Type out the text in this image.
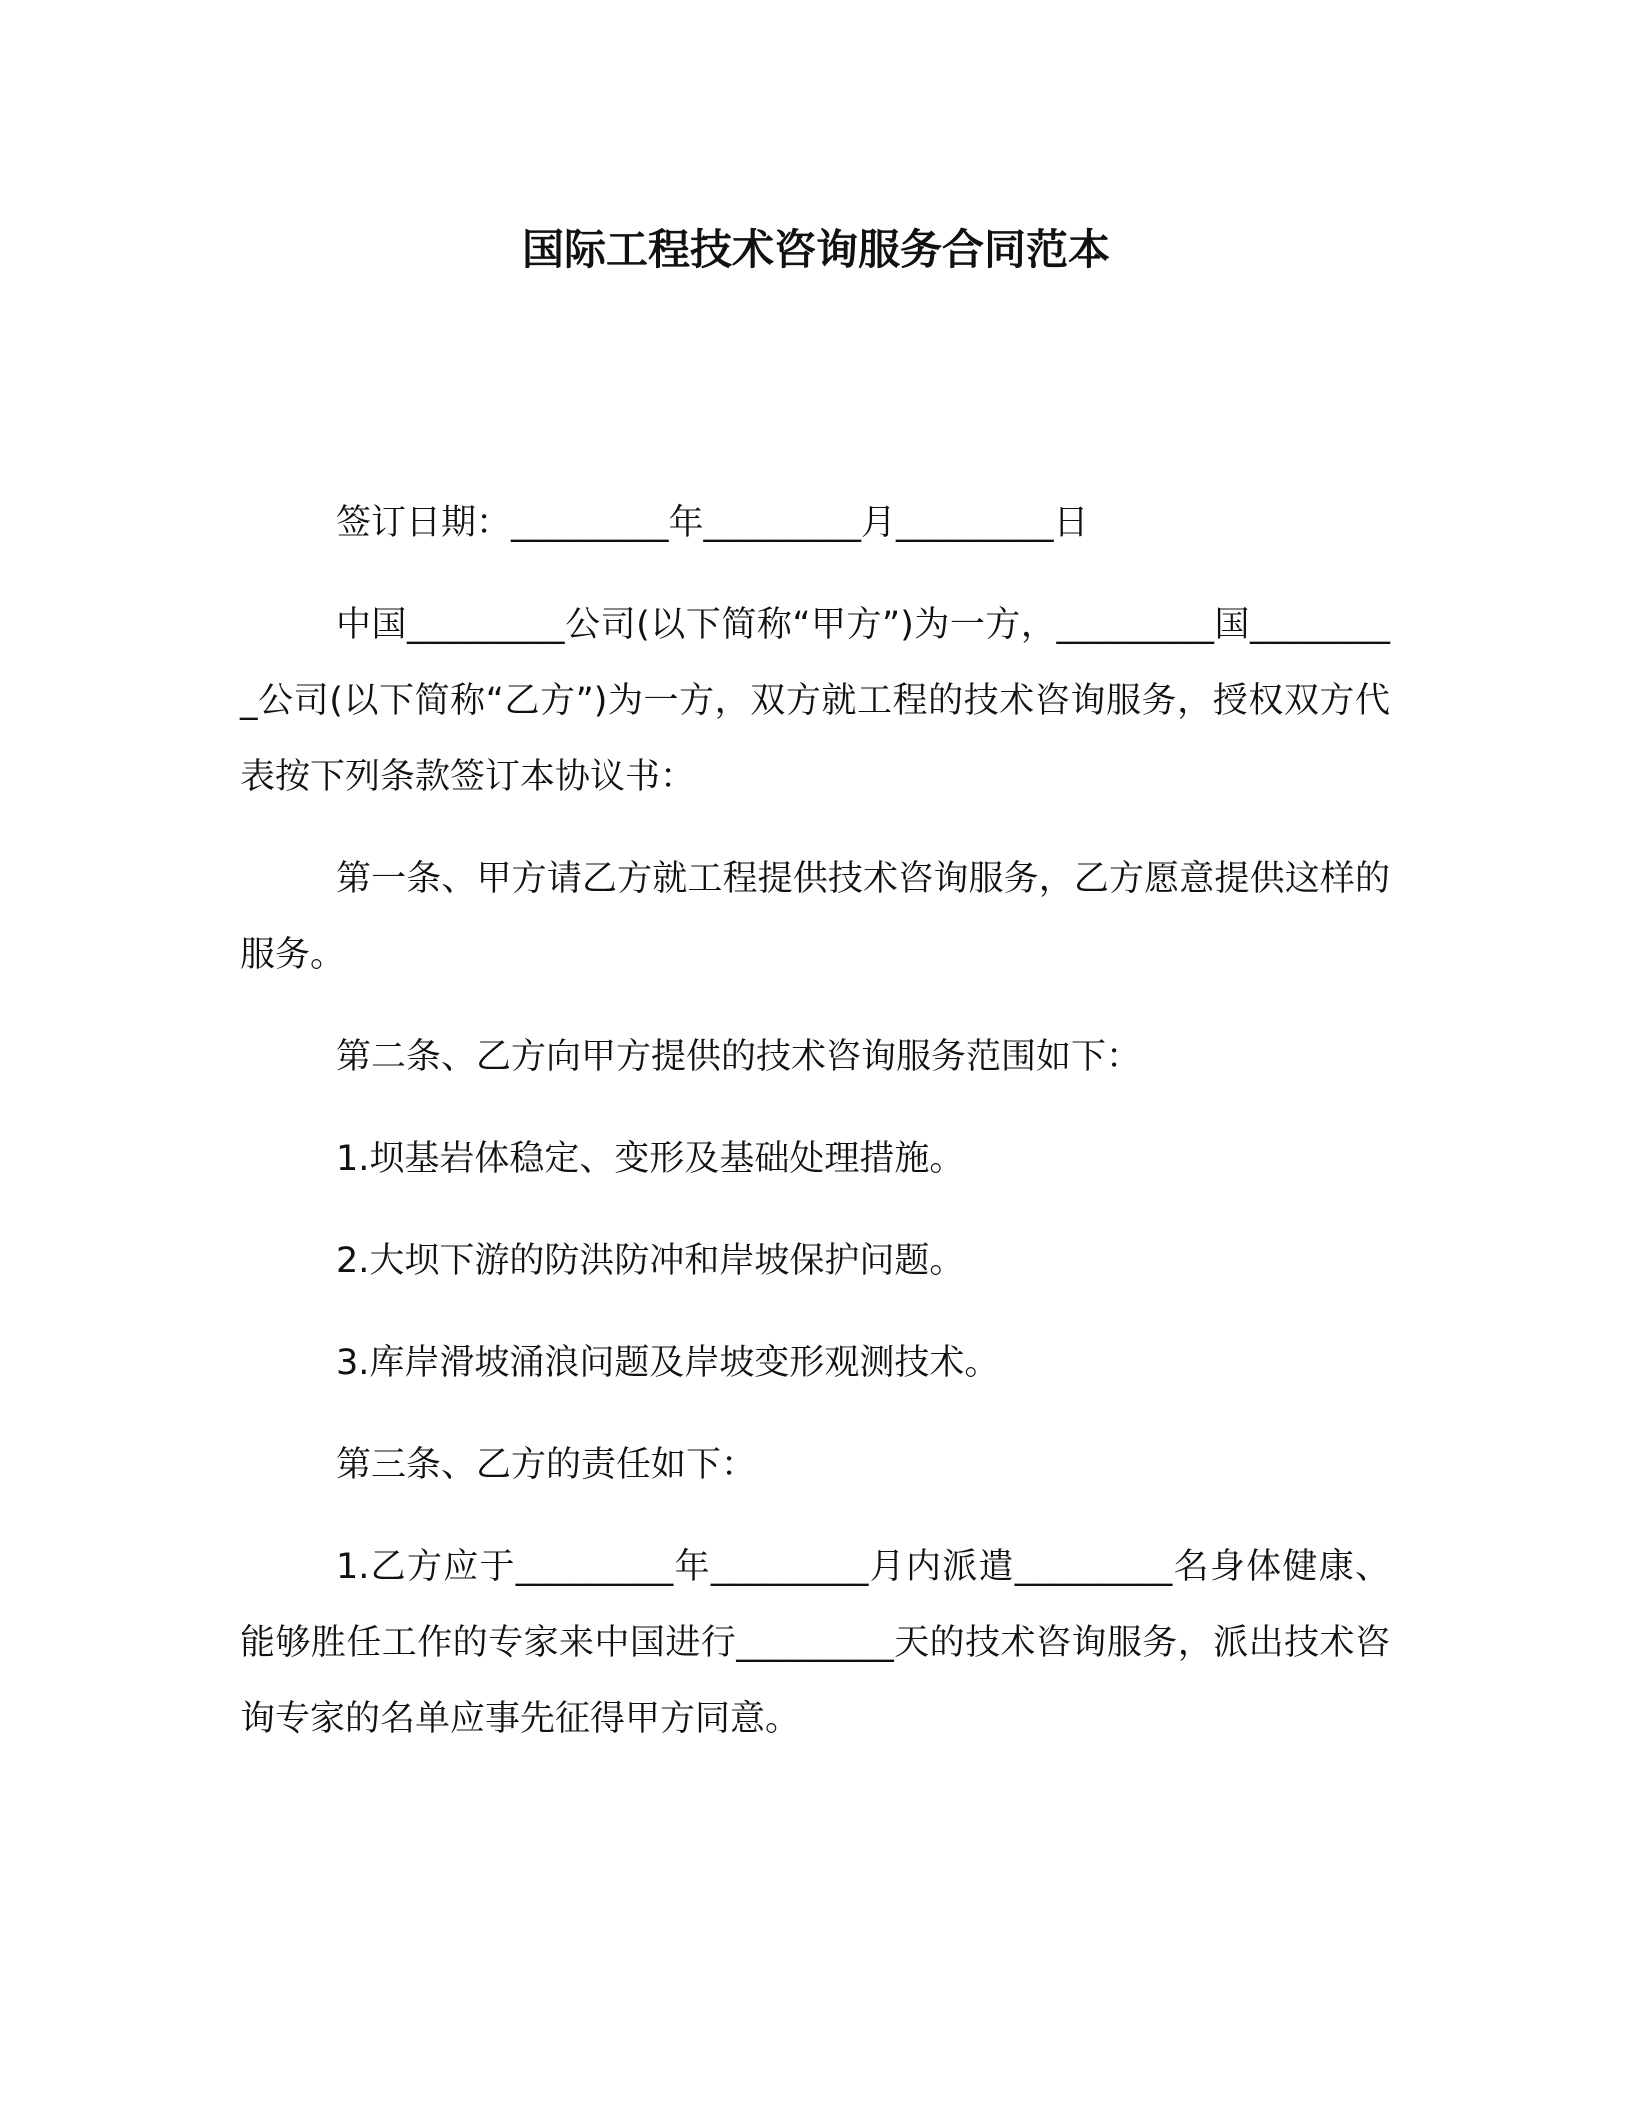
国际工程技术咨询服务合同范本

签订日期：_________年_________月_________日

中国_________公司(以下简称“甲方”)为一方，_________国_________公司(以下简称“乙方”)为一方，双方就工程的技术咨询服务，授权双方代表按下列条款签订本协议书：

第一条、甲方请乙方就工程提供技术咨询服务，乙方愿意提供这样的服务。

第二条、乙方向甲方提供的技术咨询服务范围如下：

1.坝基岩体稳定、变形及基础处理措施。

2.大坝下游的防洪防冲和岸坡保护问题。

3.库岸滑坡涌浪问题及岸坡变形观测技术。

第三条、乙方的责任如下：

1.乙方应于_________年_________月内派遣_________名身体健康、能够胜任工作的专家来中国进行_________天的技术咨询服务，派出技术咨询专家的名单应事先征得甲方同意。
